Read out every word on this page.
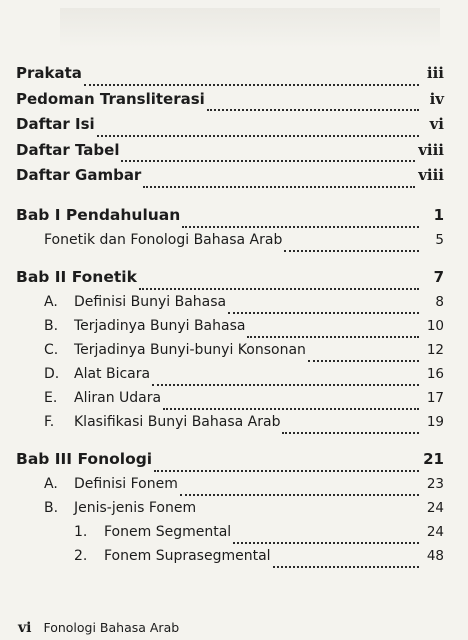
Prakata	iii
Pedoman Transliterasi	iv
Daftar Isi	vi
Daftar Tabel	viii
Daftar Gambar	viii
Bab I Pendahuluan	1
Fonetik dan Fonologi Bahasa Arab	5
Bab II Fonetik	7
A. Definisi Bunyi Bahasa	8
B. Terjadinya Bunyi Bahasa	10
C. Terjadinya Bunyi-bunyi Konsonan	12
D. Alat Bicara	16
E. Aliran Udara	17
F. Klasifikasi Bunyi Bahasa Arab	19
Bab III Fonologi	21
A. Definisi Fonem	23
B. Jenis-jenis Fonem	24
1. Fonem Segmental	24
2. Fonem Suprasegmental	48
vi Fonologi Bahasa Arab
